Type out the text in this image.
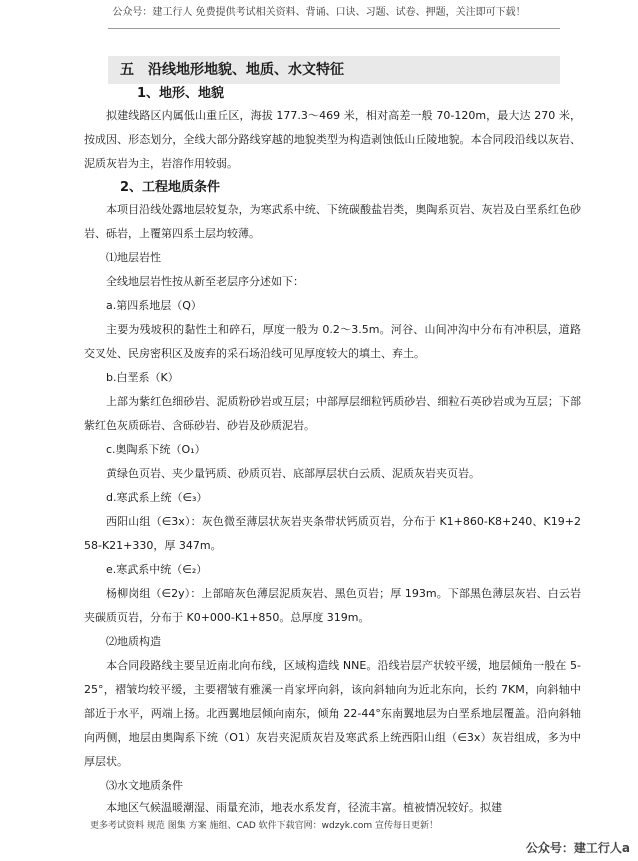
公众号：建工行人 免费提供考试相关资料、背诵、口诀、习题、试卷、押题，关注即可下载！
五　沿线地形地貌、地质、水文特征
1、地形、地貌

拟建线路区内属低山重丘区，海拔 177.3～469 米，相对高差一般 70-120m，最大达 270 米，按成因、形态划分，全线大部分路线穿越的地貌类型为构造剥蚀低山丘陵地貌。本合同段沿线以灰岩、泥质灰岩为主，岩溶作用较弱。

2、工程地质条件

本项目沿线处露地层较复杂，为寒武系中统、下统碳酸盐岩类，奥陶系页岩、灰岩及白垩系红色砂岩、砾岩，上覆第四系土层均较薄。

⑴地层岩性

全线地层岩性按从新至老层序分述如下：

a.第四系地层（Q）

主要为残坡积的黏性土和碎石，厚度一般为 0.2～3.5m。河谷、山间冲沟中分布有冲积层，道路交叉处、民房密积区及废弃的采石场沿线可见厚度较大的填土、弃土。

b.白垩系（K）

上部为紫红色细砂岩、泥质粉砂岩或互层；中部厚层细粒钙质砂岩、细粒石英砂岩或为互层；下部紫红色灰质砾岩、含砾砂岩、砂岩及砂质泥岩。

c.奥陶系下统（O₁）

黄绿色页岩、夹少量钙质、砂质页岩、底部厚层状白云质、泥质灰岩夹页岩。

d.寒武系上统（∈₃）

西阳山组（∈3x）：灰色微至薄层状灰岩夹条带状钙质页岩，分布于 K1+860-K8+240、K19+258-K21+330，厚 347m。

e.寒武系中统（∈₂）

杨柳岗组（∈2y）：上部暗灰色薄层泥质灰岩、黑色页岩；厚 193m。下部黑色薄层灰岩、白云岩夹碳质页岩，分布于 K0+000-K1+850。总厚度 319m。

⑵地质构造

本合同段路线主要呈近南北向布线，区域构造线 NNE。沿线岩层产状较平缓，地层倾角一般在 5-25°，褶皱均较平缓，主要褶皱有雅溪一肖家坪向斜，该向斜轴向为近北东向，长约 7KM，向斜轴中部近于水平，两端上扬。北西翼地层倾向南东，倾角 22-44°东南翼地层为白垩系地层覆盖。沿向斜轴向两侧，地层由奥陶系下统（O1）灰岩夹泥质灰岩及寒武系上统西阳山组（∈3x）灰岩组成，多为中厚层状。

⑶水文地质条件

本地区气候温暖潮湿、雨量充沛，地表水系发育，径流丰富。植被情况较好。拟建

更多考试资料 规范 图集 方案 施组、CAD 软件下载官网：wdzyk.com 宣传每日更新！
公众号：建工行人a
